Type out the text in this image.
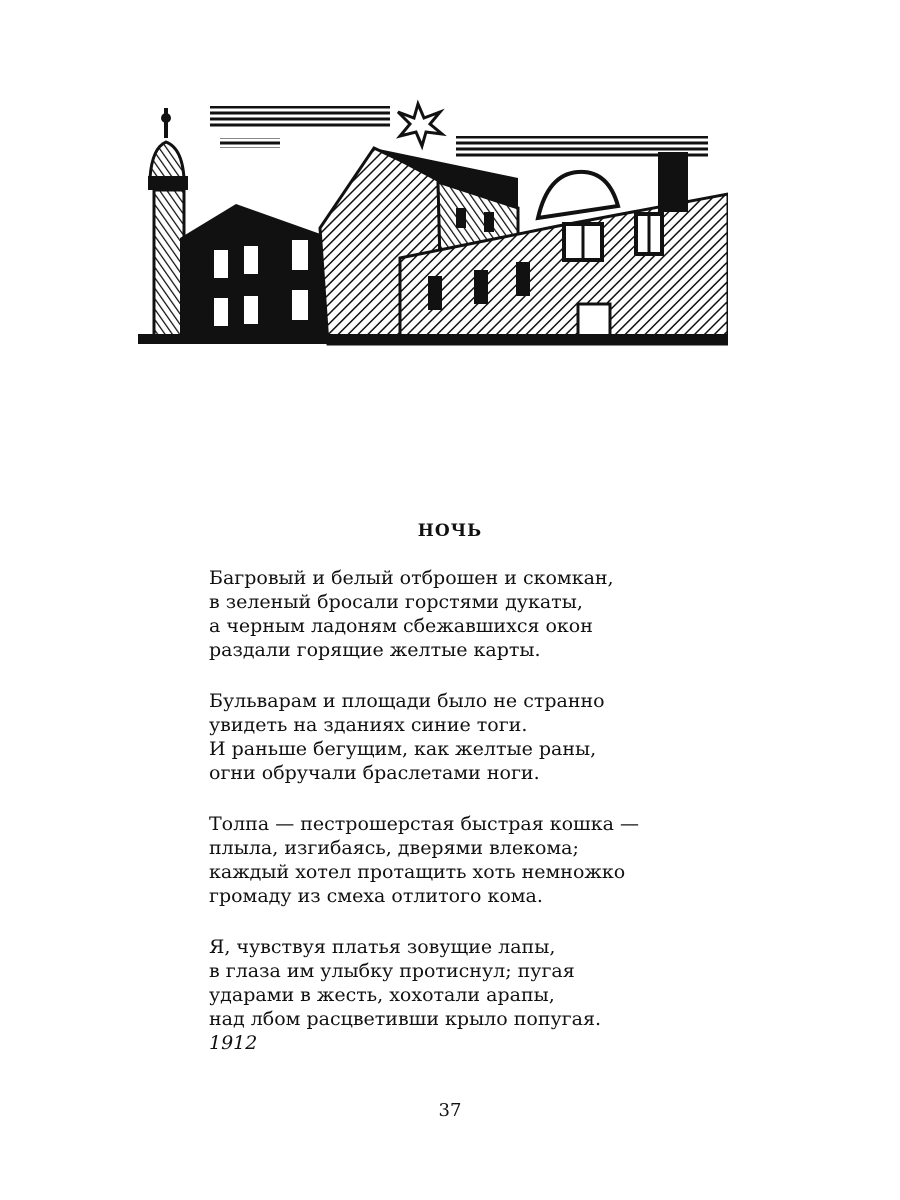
НОЧЬ
Багровый и белый отброшен и скомкан,
в зеленый бросали горстями дукаты,
а черным ладоням сбежавшихся окон
раздали горящие желтые карты.
Бульварам и площади было не странно
увидеть на зданиях синие тоги.
И раньше бегущим, как желтые раны,
огни обручали браслетами ноги.
Толпа — пестрошерстая быстрая кошка —
плыла, изгибаясь, дверями влекома;
каждый хотел протащить хоть немножко
громаду из смеха отлитого кома.
Я, чувствуя платья зовущие лапы,
в глаза им улыбку протиснул; пугая
ударами в жесть, хохотали арапы,
над лбом расцветивши крыло попугая.
1912
37
